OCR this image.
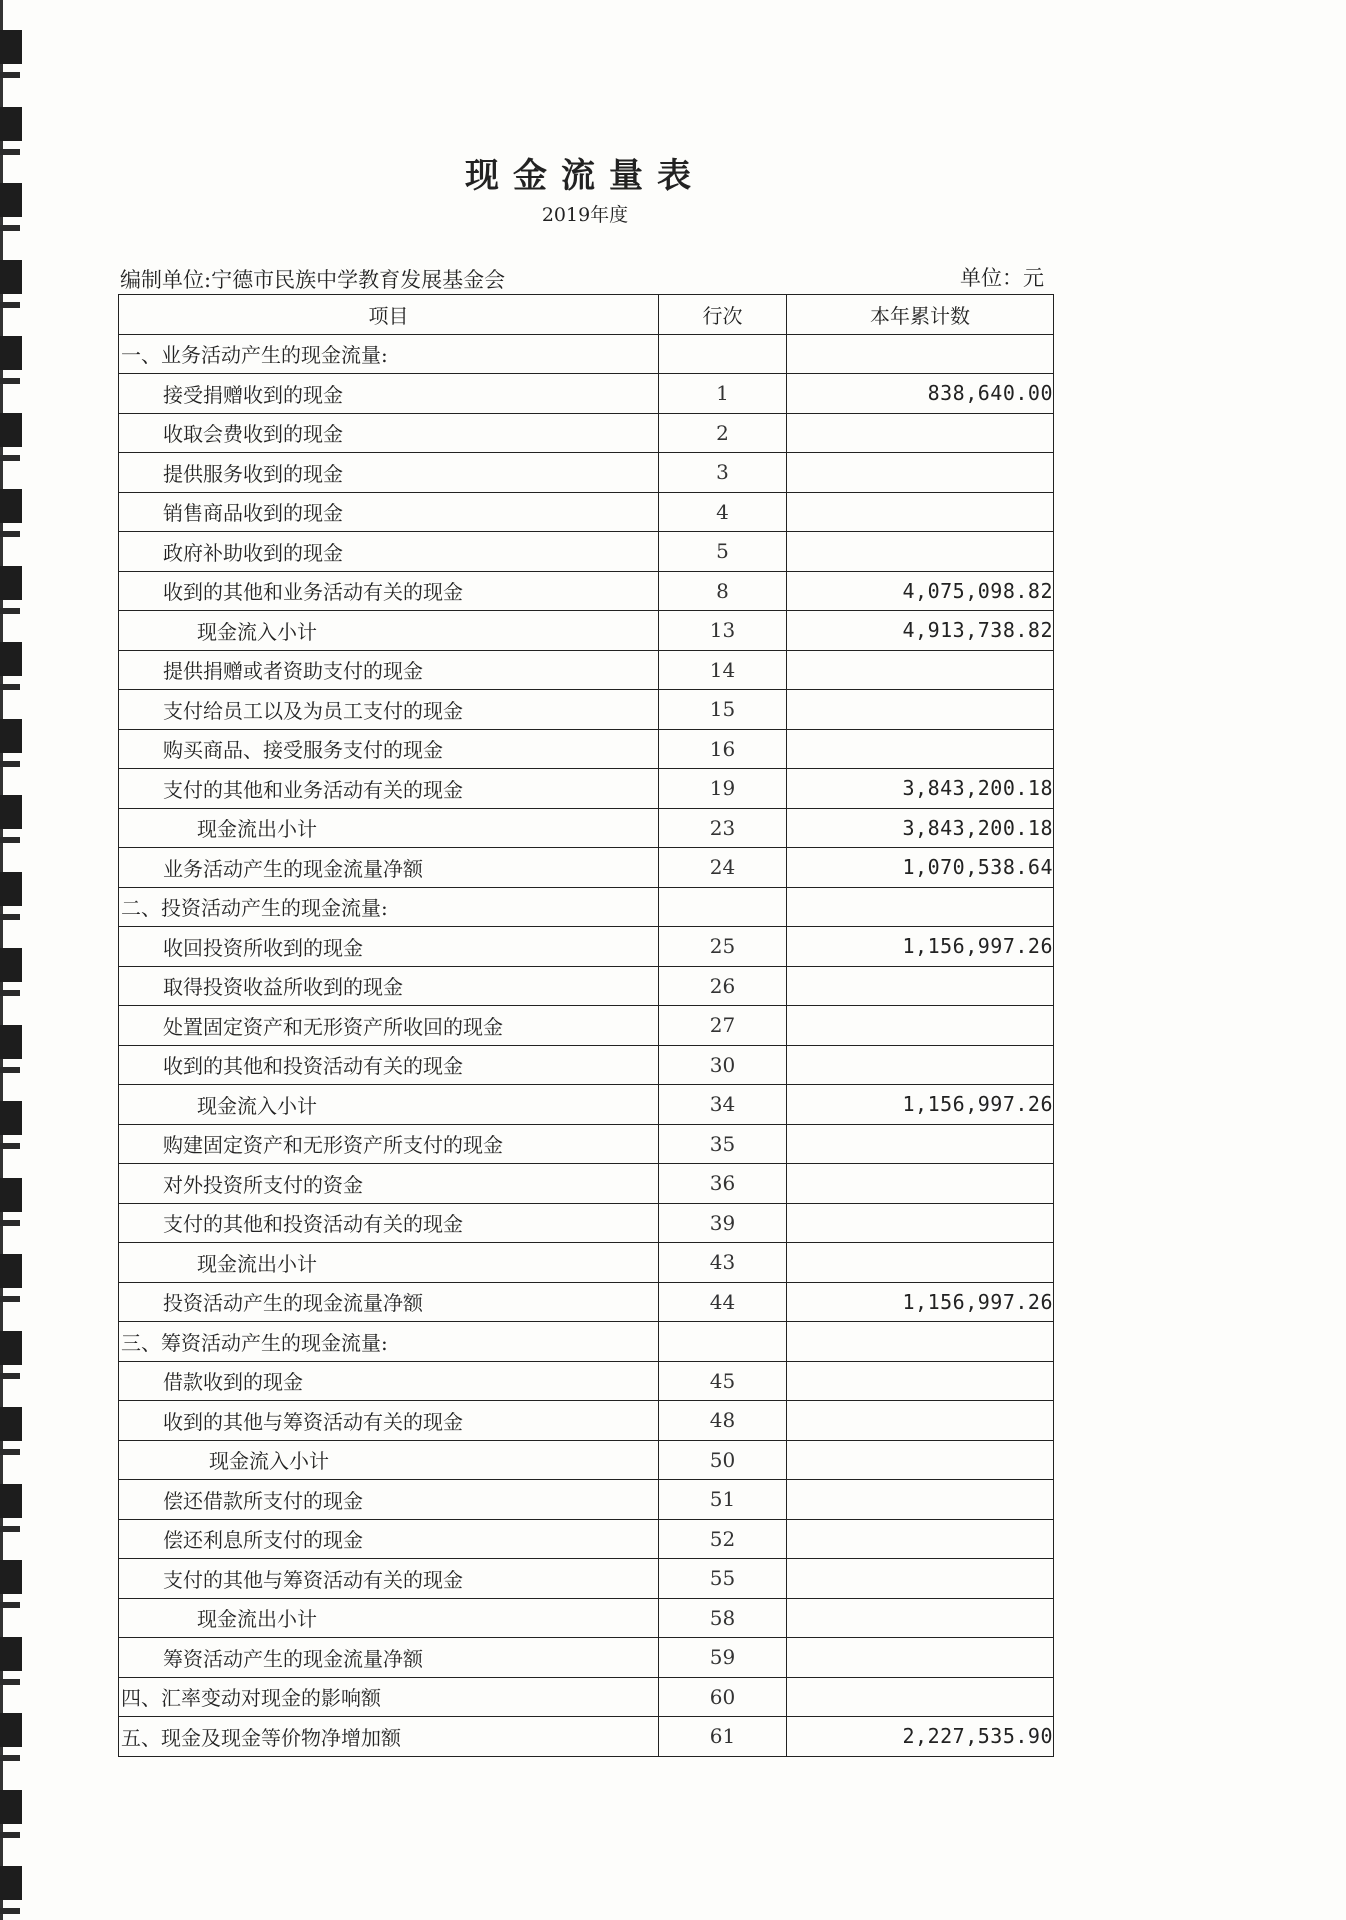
现金流量表
2019年度
编制单位:宁德市民族中学教育发展基金会	单位：元
项目	行次	本年累计数
一、业务活动产生的现金流量:		
接受捐赠收到的现金	1	838,640.00
收取会费收到的现金	2	
提供服务收到的现金	3	
销售商品收到的现金	4	
政府补助收到的现金	5	
收到的其他和业务活动有关的现金	8	4,075,098.82
现金流入小计	13	4,913,738.82
提供捐赠或者资助支付的现金	14	
支付给员工以及为员工支付的现金	15	
购买商品、接受服务支付的现金	16	
支付的其他和业务活动有关的现金	19	3,843,200.18
现金流出小计	23	3,843,200.18
业务活动产生的现金流量净额	24	1,070,538.64
二、投资活动产生的现金流量:		
收回投资所收到的现金	25	1,156,997.26
取得投资收益所收到的现金	26	
处置固定资产和无形资产所收回的现金	27	
收到的其他和投资活动有关的现金	30	
现金流入小计	34	1,156,997.26
购建固定资产和无形资产所支付的现金	35	
对外投资所支付的资金	36	
支付的其他和投资活动有关的现金	39	
现金流出小计	43	
投资活动产生的现金流量净额	44	1,156,997.26
三、筹资活动产生的现金流量:		
借款收到的现金	45	
收到的其他与筹资活动有关的现金	48	
现金流入小计	50	
偿还借款所支付的现金	51	
偿还利息所支付的现金	52	
支付的其他与筹资活动有关的现金	55	
现金流出小计	58	
筹资活动产生的现金流量净额	59	
四、汇率变动对现金的影响额	60	
五、现金及现金等价物净增加额	61	2,227,535.90
